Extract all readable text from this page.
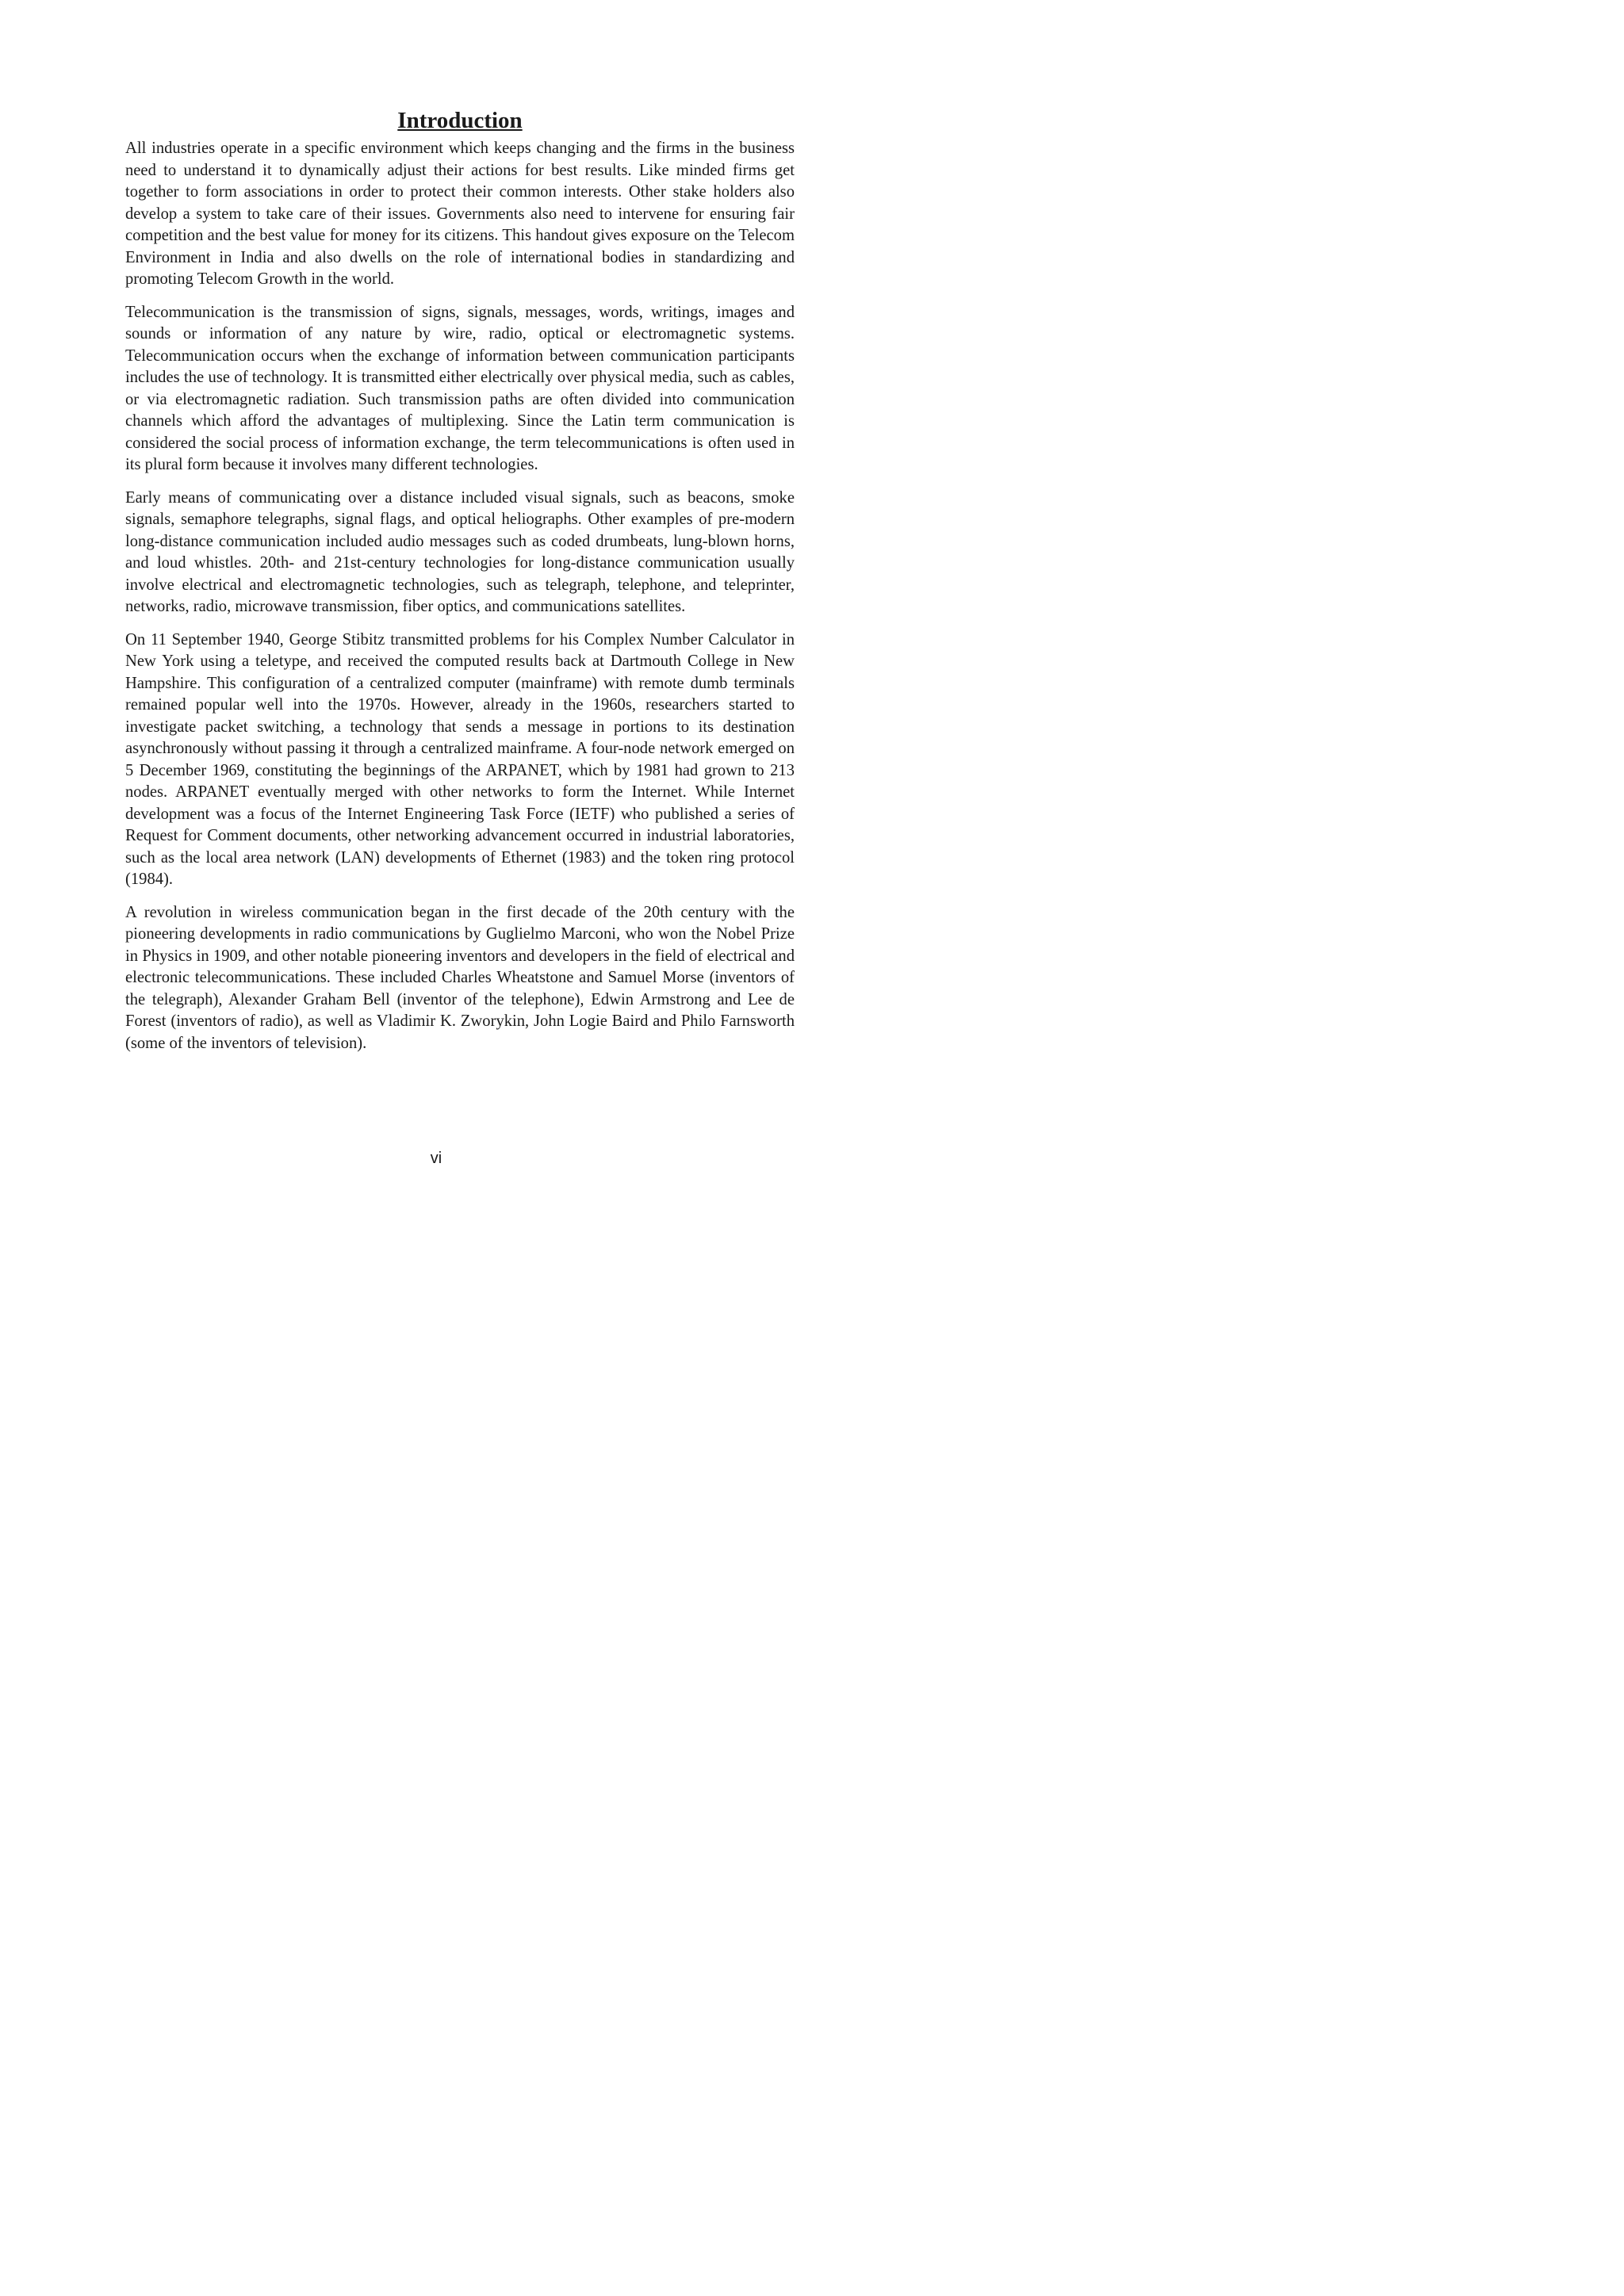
Introduction

All industries operate in a specific environment which keeps changing and the firms in the business need to understand it to dynamically adjust their actions for best results. Like minded firms get together to form associations in order to protect their common interests. Other stake holders also develop a system to take care of their issues. Governments also need to intervene for ensuring fair competition and the best value for money for its citizens. This handout gives exposure on the Telecom Environment in India and also dwells on the role of international bodies in standardizing and promoting Telecom Growth in the world.

Telecommunication is the transmission of signs, signals, messages, words, writings, images and sounds or information of any nature by wire, radio, optical or electromagnetic systems. Telecommunication occurs when the exchange of information between communication participants includes the use of technology. It is transmitted either electrically over physical media, such as cables, or via electromagnetic radiation. Such transmission paths are often divided into communication channels which afford the advantages of multiplexing. Since the Latin term communication is considered the social process of information exchange, the term telecommunications is often used in its plural form because it involves many different technologies.

Early means of communicating over a distance included visual signals, such as beacons, smoke signals, semaphore telegraphs, signal flags, and optical heliographs. Other examples of pre-modern long-distance communication included audio messages such as coded drumbeats, lung-blown horns, and loud whistles. 20th- and 21st-century technologies for long-distance communication usually involve electrical and electromagnetic technologies, such as telegraph, telephone, and teleprinter, networks, radio, microwave transmission, fiber optics, and communications satellites.

On 11 September 1940, George Stibitz transmitted problems for his Complex Number Calculator in New York using a teletype, and received the computed results back at Dartmouth College in New Hampshire. This configuration of a centralized computer (mainframe) with remote dumb terminals remained popular well into the 1970s. However, already in the 1960s, researchers started to investigate packet switching, a technology that sends a message in portions to its destination asynchronously without passing it through a centralized mainframe. A four-node network emerged on 5 December 1969, constituting the beginnings of the ARPANET, which by 1981 had grown to 213 nodes. ARPANET eventually merged with other networks to form the Internet. While Internet development was a focus of the Internet Engineering Task Force (IETF) who published a series of Request for Comment documents, other networking advancement occurred in industrial laboratories, such as the local area network (LAN) developments of Ethernet (1983) and the token ring protocol (1984).

A revolution in wireless communication began in the first decade of the 20th century with the pioneering developments in radio communications by Guglielmo Marconi, who won the Nobel Prize in Physics in 1909, and other notable pioneering inventors and developers in the field of electrical and electronic telecommunications. These included Charles Wheatstone and Samuel Morse (inventors of the telegraph), Alexander Graham Bell (inventor of the telephone), Edwin Armstrong and Lee de Forest (inventors of radio), as well as Vladimir K. Zworykin, John Logie Baird and Philo Farnsworth (some of the inventors of television).

vi
